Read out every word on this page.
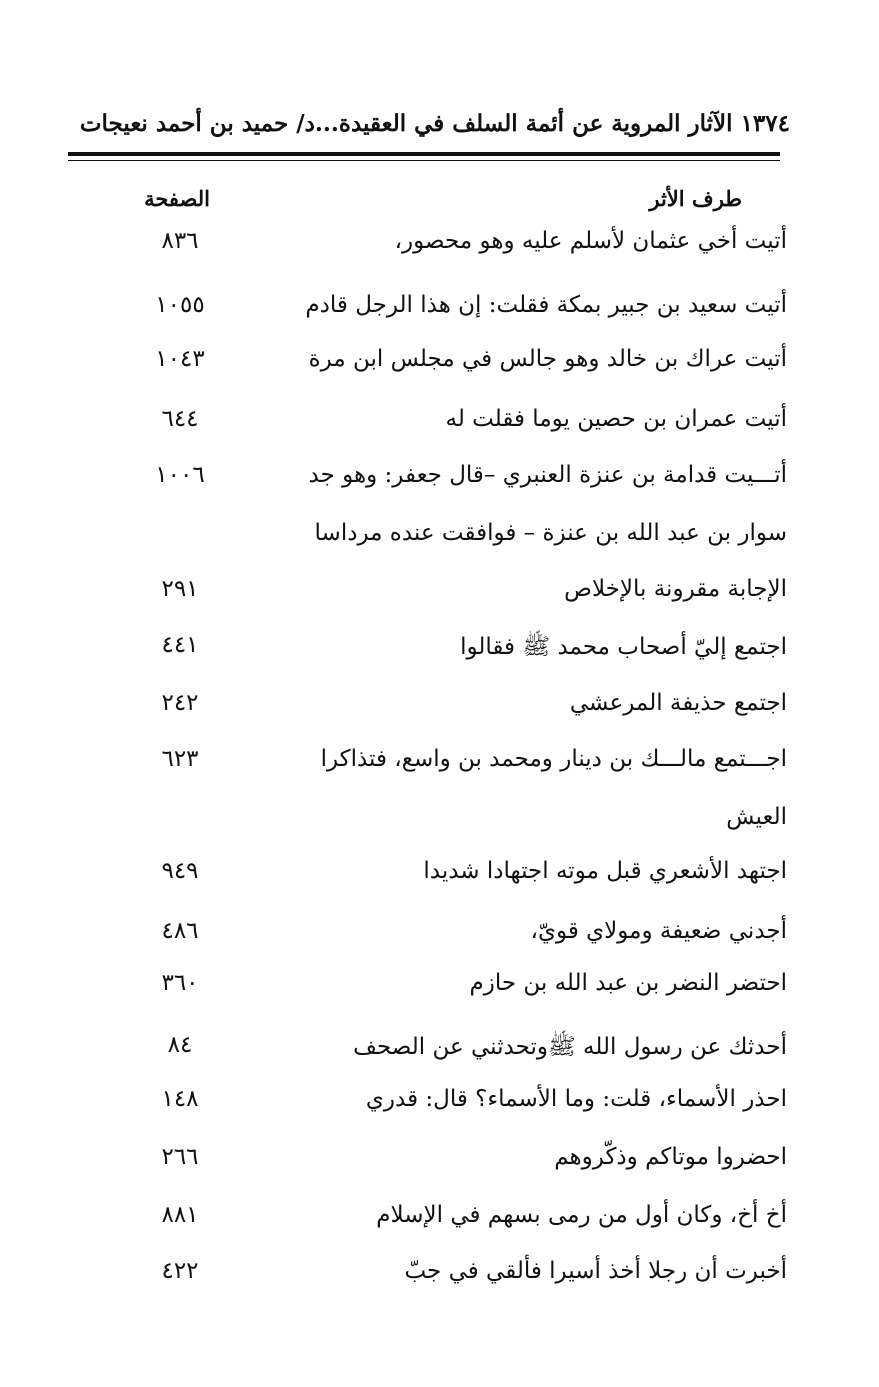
١٣٧٤ الآثار المروية عن أئمة السلف في العقيدة...د/ حميد بن أحمد نعيجات
طرف الأثر
الصفحة
أتيت أخي عثمان لأسلم عليه وهو محصور،
٨٣٦
أتيت سعيد بن جبير بمكة فقلت: إن هذا الرجل قادم
١٠٥٥
أتيت عراك بن خالد وهو جالس في مجلس ابن مرة
١٠٤٣
أتيت عمران بن حصين يوما فقلت له
٦٤٤
أتـــيت قدامة بن عنزة العنبري –قال جعفر: وهو جد
١٠٠٦
سوار بن عبد الله بن عنزة – فوافقت عنده مرداسا
الإجابة مقرونة بالإخلاص
٢٩١
اجتمع إليّ أصحاب محمد ﷺ فقالوا
٤٤١
اجتمع حذيفة المرعشي
٢٤٢
اجـــتمع مالـــك بن دينار ومحمد بن واسع، فتذاكرا
٦٢٣
العيش
اجتهد الأشعري قبل موته اجتهادا شديدا
٩٤٩
أجدني ضعيفة ومولاي قويّ،
٤٨٦
احتضر النضر بن عبد الله بن حازم
٣٦٠
أحدثك عن رسول الله ﷺوتحدثني عن الصحف
٨٤
احذر الأسماء، قلت: وما الأسماء؟ قال: قدري
١٤٨
احضروا موتاكم وذكّروهم
٢٦٦
أخ أخ، وكان أول من رمى بسهم في الإسلام
٨٨١
أخبرت أن رجلا أخذ أسيرا فألقي في جبّ
٤٢٢
